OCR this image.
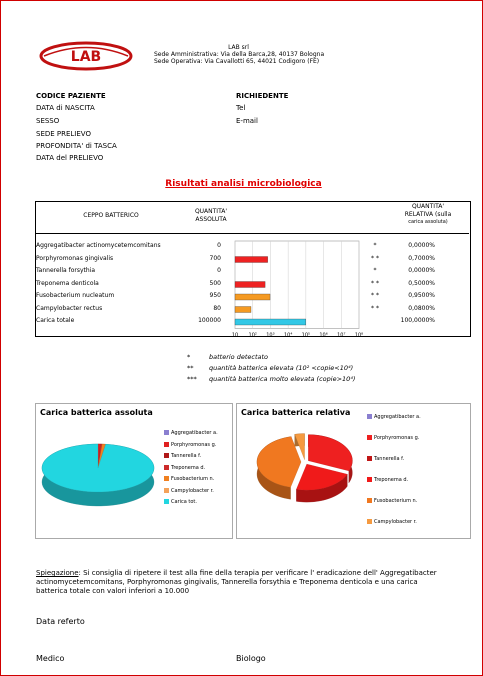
LAB
LAB srl
Sede Amministrativa: Via della Barca,28, 40137 Bologna
Sede Operativa: Via Cavallotti 65, 44021 Codigoro (FE)
CODICE PAZIENTE
DATA di NASCITA
SESSO
SEDE PRELIEVO
PROFONDITA' di TASCA
DATA del PRELIEVO
RICHIEDENTE
Tel
E-mail
Risultati analisi microbiologica
CEPPO BATTERICO
QUANTITA'
ASSOLUTA
QUANTITA'
RELATIVA (sulla
carica assoluta)
Aggregatibacter actinomycetemcomitans	0	*	0,0000%
Porphyromonas gingivalis	700	* *	0,7000%
Tannerella forsythia	0	*	0,0000%
Treponema denticola	500	* *	0,5000%
Fusobacterium nucleatum	950	* *	0,9500%
Campylobacter rectus	80	* *	0,0800%
Carica totale	100000	100,0000%
10 10² 10³ 10⁴ 10⁵ 10⁶ 10⁷ 10⁸
*	batterio detectato
** quantità batterica elevata (10² <copie<10⁴)
*** quantità batterica molto elevata (copie>10⁴)
Carica batterica assoluta
Aggregatibacter a.
Porphyromonas g.
Tannerella f.
Treponema d.
Fusobacterium n.
Campylobacter r.
Carica tot.
Carica batterica relativa	Aggregatibacter a.
Porphyromonas g.
Tannerella f.
Treponema d.
Fusobacterium n.
Campylobacter r.
Spiegazione: Si consiglia di ripetere il test alla fine della terapia per verificare l' eradicazione dell' Aggregatibacter actinomycetemcomitans, Porphyromonas gingivalis, Tannerella forsythia e Treponema denticola e una carica batterica totale con valori inferiori a 10.000
Data referto
Medico	Biologo
